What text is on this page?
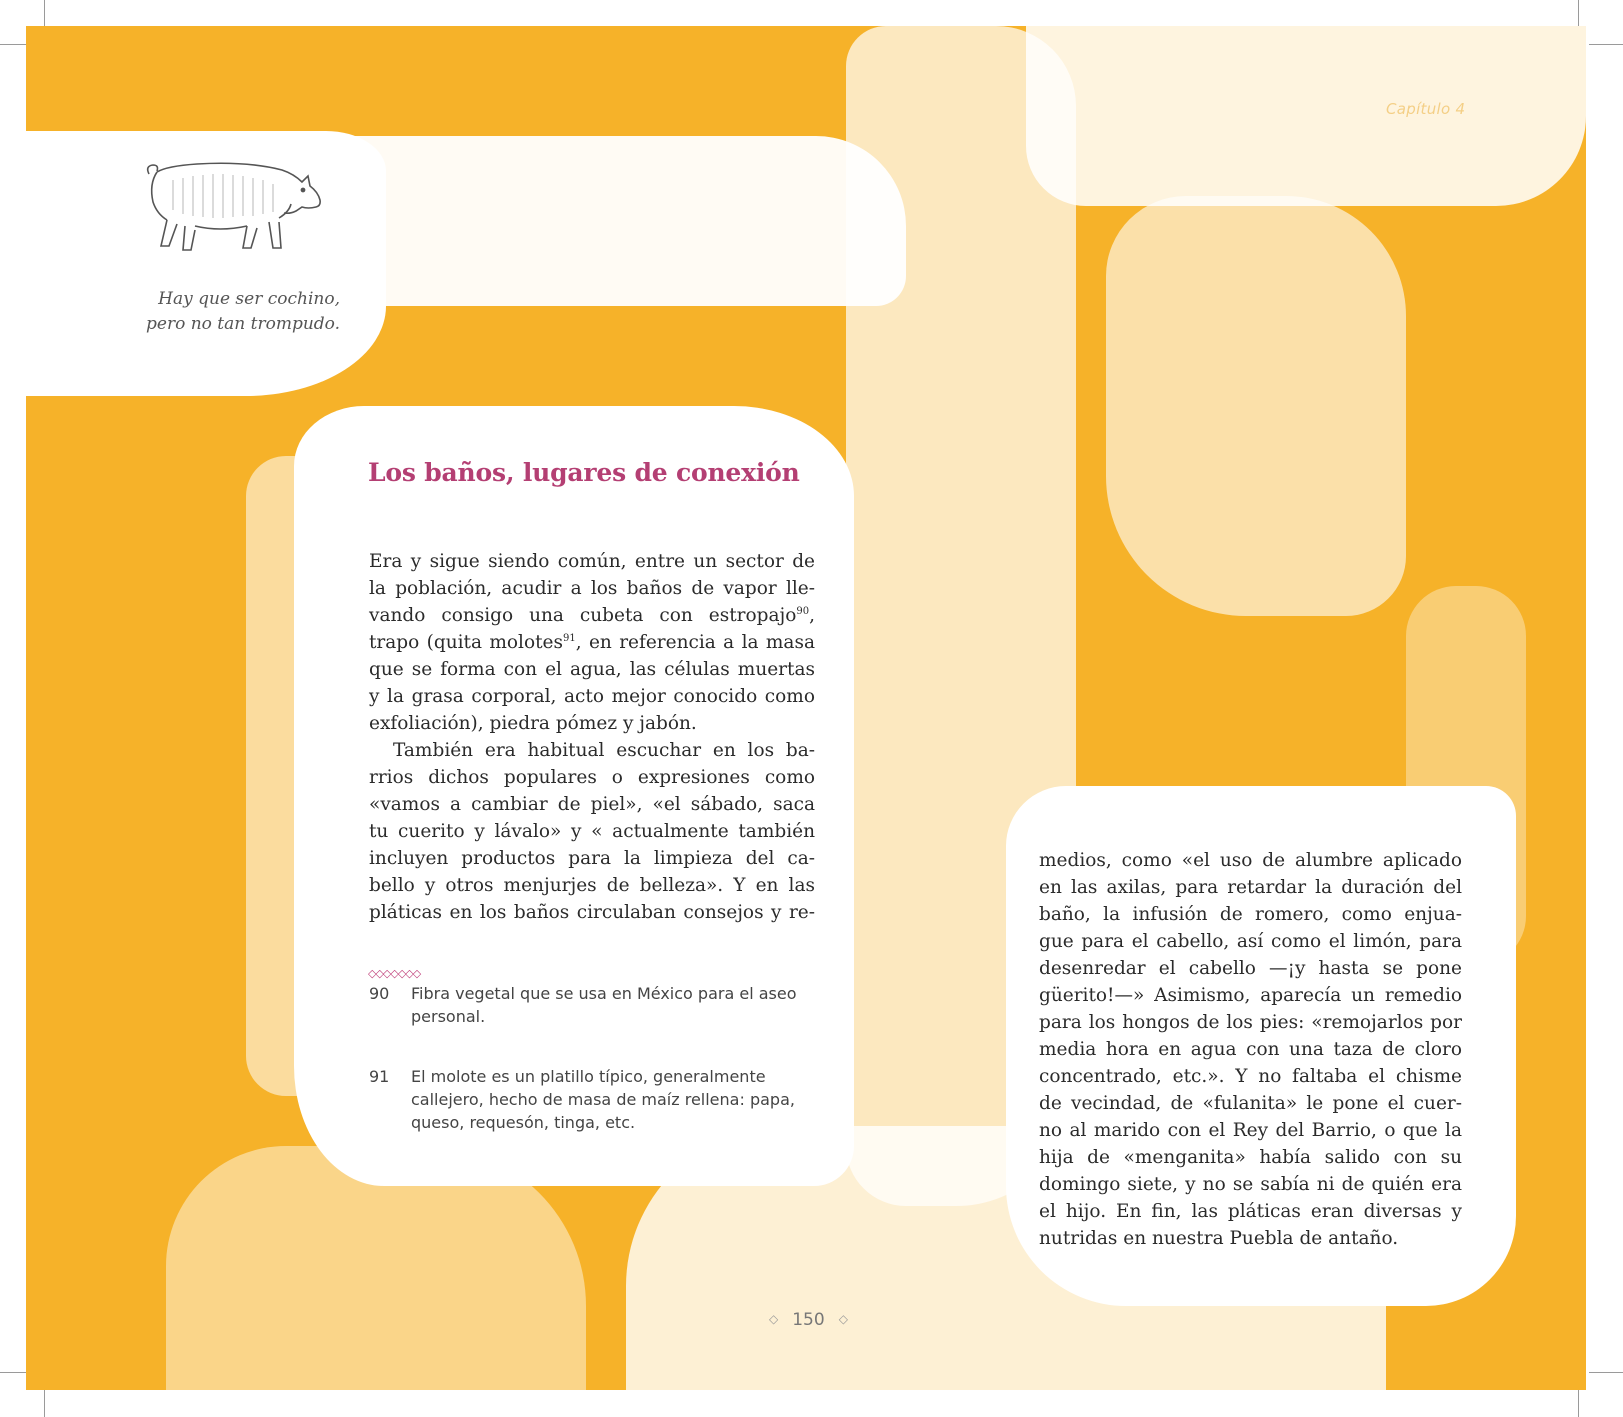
Capítulo 4
Hay que ser cochino,
pero no tan trompudo.
Los baños, lugares de conexión
Era y sigue siendo común, entre un sector de
la población, acudir a los baños de vapor lle-
vando consigo una cubeta con estropajo$^{90}$,
trapo (quita molotes$^{91}$, en referencia a la masa
que se forma con el agua, las células muertas
y la grasa corporal, acto mejor conocido como
exfoliación), piedra pómez y jabón.
También era habitual escuchar en los ba-
rrios dichos populares o expresiones como
«vamos a cambiar de piel», «el sábado, saca
tu cuerito y lávalo» y « actualmente también
incluyen productos para la limpieza del ca-
bello y otros menjurjes de belleza». Y en las
pláticas en los baños circulaban consejos y re-
◇◇◇◇◇◇◇
90 Fibra vegetal que se usa en México para el aseo
personal.
91 El molote es un platillo típico, generalmente
callejero, hecho de masa de maíz rellena: papa,
queso, requesón, tinga, etc.
medios, como «el uso de alumbre aplicado
en las axilas, para retardar la duración del
baño, la infusión de romero, como enjua-
gue para el cabello, así como el limón, para
desenredar el cabello —¡y hasta se pone
güerito!—» Asimismo, aparecía un remedio
para los hongos de los pies: «remojarlos por
media hora en agua con una taza de cloro
concentrado, etc.». Y no faltaba el chisme
de vecindad, de «fulanita» le pone el cuer-
no al marido con el Rey del Barrio, o que la
hija de «menganita» había salido con su
domingo siete, y no se sabía ni de quién era
el hijo. En fin, las pláticas eran diversas y
nutridas en nuestra Puebla de antaño.
◇ 150 ◇
